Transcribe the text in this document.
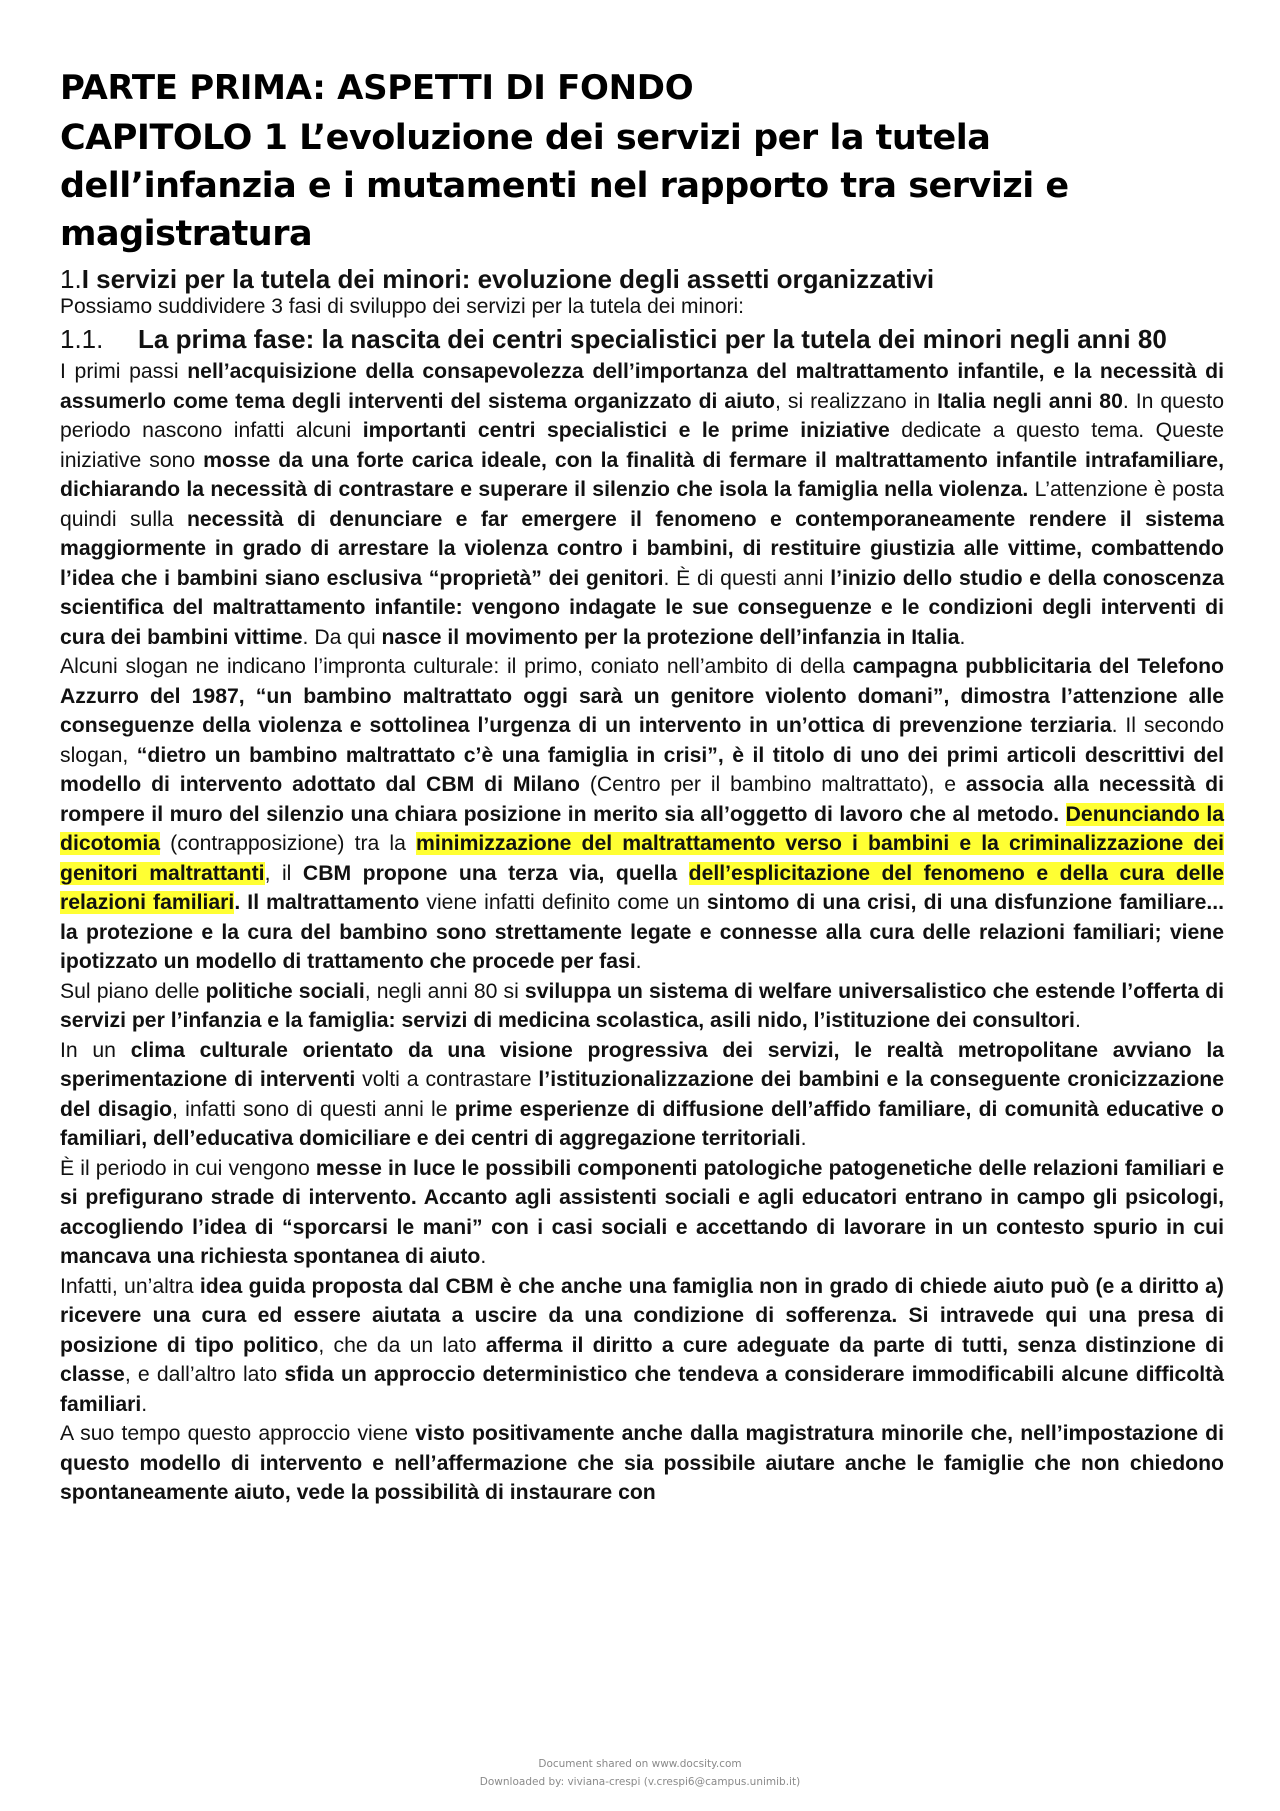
PARTE PRIMA: ASPETTI DI FONDO
CAPITOLO 1 L’evoluzione dei servizi per la tutela dell’infanzia e i mutamenti nel rapporto tra servizi e magistratura
1.I servizi per la tutela dei minori: evoluzione degli assetti organizzativi

Possiamo suddividere 3 fasi di sviluppo dei servizi per la tutela dei minori:

1.1.	La prima fase: la nascita dei centri specialistici per la tutela dei minori negli anni 80

I primi passi nell’acquisizione della consapevolezza dell’importanza del maltrattamento infantile, e la necessità di assumerlo come tema degli interventi del sistema organizzato di aiuto, si realizzano in Italia negli anni 80. In questo periodo nascono infatti alcuni importanti centri specialistici e le prime iniziative dedicate a questo tema. Queste iniziative sono mosse da una forte carica ideale, con la finalità di fermare il maltrattamento infantile intrafamiliare, dichiarando la necessità di contrastare e superare il silenzio che isola la famiglia nella violenza. L’attenzione è posta quindi sulla necessità di denunciare e far emergere il fenomeno e contemporaneamente rendere il sistema maggiormente in grado di arrestare la violenza contro i bambini, di restituire giustizia alle vittime, combattendo l’idea che i bambini siano esclusiva “proprietà” dei genitori. È di questi anni l’inizio dello studio e della conoscenza scientifica del maltrattamento infantile: vengono indagate le sue conseguenze e le condizioni degli interventi di cura dei bambini vittime. Da qui nasce il movimento per la protezione dell’infanzia in Italia.

Alcuni slogan ne indicano l’impronta culturale: il primo, coniato nell’ambito di della campagna pubblicitaria del Telefono Azzurro del 1987, “un bambino maltrattato oggi sarà un genitore violento domani”, dimostra l’attenzione alle conseguenze della violenza e sottolinea l’urgenza di un intervento in un’ottica di prevenzione terziaria. Il secondo slogan, “dietro un bambino maltrattato c’è una famiglia in crisi”, è il titolo di uno dei primi articoli descrittivi del modello di intervento adottato dal CBM di Milano (Centro per il bambino maltrattato), e associa alla necessità di rompere il muro del silenzio una chiara posizione in merito sia all’oggetto di lavoro che al metodo. Denunciando la dicotomia (contrapposizione) tra la minimizzazione del maltrattamento verso i bambini e la criminalizzazione dei genitori maltrattanti, il CBM propone una terza via, quella dell’esplicitazione del fenomeno e della cura delle relazioni familiari. Il maltrattamento viene infatti definito come un sintomo di una crisi, di una disfunzione familiare... la protezione e la cura del bambino sono strettamente legate e connesse alla cura delle relazioni familiari; viene ipotizzato un modello di trattamento che procede per fasi.

Sul piano delle politiche sociali, negli anni 80 si sviluppa un sistema di welfare universalistico che estende l’offerta di servizi per l’infanzia e la famiglia: servizi di medicina scolastica, asili nido, l’istituzione dei consultori.

In un clima culturale orientato da una visione progressiva dei servizi, le realtà metropolitane avviano la sperimentazione di interventi volti a contrastare l’istituzionalizzazione dei bambini e la conseguente cronicizzazione del disagio, infatti sono di questi anni le prime esperienze di diffusione dell’affido familiare, di comunità educative o familiari, dell’educativa domiciliare e dei centri di aggregazione territoriali.

È il periodo in cui vengono messe in luce le possibili componenti patologiche patogenetiche delle relazioni familiari e si prefigurano strade di intervento. Accanto agli assistenti sociali e agli educatori entrano in campo gli psicologi, accogliendo l’idea di “sporcarsi le mani” con i casi sociali e accettando di lavorare in un contesto spurio in cui mancava una richiesta spontanea di aiuto.

Infatti, un’altra idea guida proposta dal CBM è che anche una famiglia non in grado di chiede aiuto può (e a diritto a) ricevere una cura ed essere aiutata a uscire da una condizione di sofferenza. Si intravede qui una presa di posizione di tipo politico, che da un lato afferma il diritto a cure adeguate da parte di tutti, senza distinzione di classe, e dall’altro lato sfida un approccio deterministico che tendeva a considerare immodificabili alcune difficoltà familiari.

A suo tempo questo approccio viene visto positivamente anche dalla magistratura minorile che, nell’impostazione di questo modello di intervento e nell’affermazione che sia possibile aiutare anche le famiglie che non chiedono spontaneamente aiuto, vede la possibilità di instaurare con

Document shared on www.docsity.com
Downloaded by: viviana-crespi (v.crespi6@campus.unimib.it)
